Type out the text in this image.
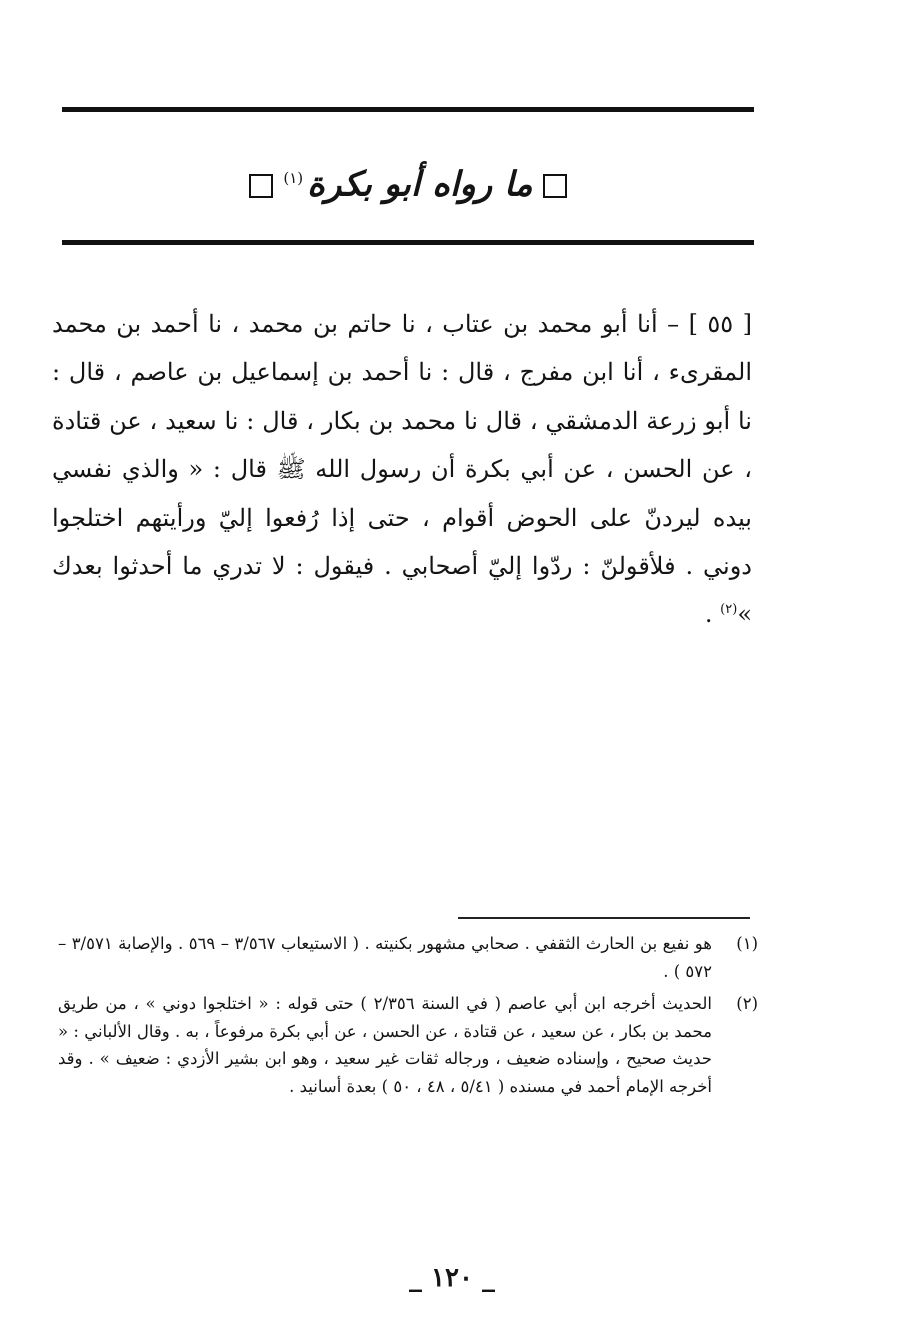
ما رواه أبو بكرة$^{(١)}$
[ ٥٥ ] – أنا أبو محمد بن عتاب ، نا حاتم بن محمد ، نا أحمد بن محمد المقرىء ، أنا ابن مفرج ، قال : نا أحمد بن إسماعيل بن عاصم ، قال : نا أبو زرعة الدمشقي ، قال نا محمد بن بكار ، قال : نا سعيد ، عن قتادة ، عن الحسن ، عن أبي بكرة أن رسول الله ﷺ قال : « والذي نفسي بيده ليردنّ على الحوض أقوام ، حتى إذا رُفعوا إليّ ورأيتهم اختلجوا دوني . فلأقولنّ : ردّوا إليّ أصحابي . فيقول : لا تدري ما أحدثوا بعدك »$^{(٢)}$ .
(١)
هو نفيع بن الحارث الثقفي . صحابي مشهور بكنيته . ( الاستيعاب ٣/٥٦٧ – ٥٦٩ . والإصابة ٣/٥٧١ – ٥٧٢ ) .
(٢)
الحديث أخرجه ابن أبي عاصم ( في السنة ٢/٣٥٦ ) حتى قوله : « اختلجوا دوني » ، من طريق محمد بن بكار ، عن سعيد ، عن قتادة ، عن الحسن ، عن أبي بكرة مرفوعاً ، به . وقال الألباني : « حديث صحيح ، وإسناده ضعيف ، ورجاله ثقات غير سعيد ، وهو ابن بشير الأزدي : ضعيف » . وقد أخرجه الإمام أحمد في مسنده ( ٥/٤١ ، ٤٨ ، ٥٠ ) بعدة أسانيد .
_ ١٢٠ _
